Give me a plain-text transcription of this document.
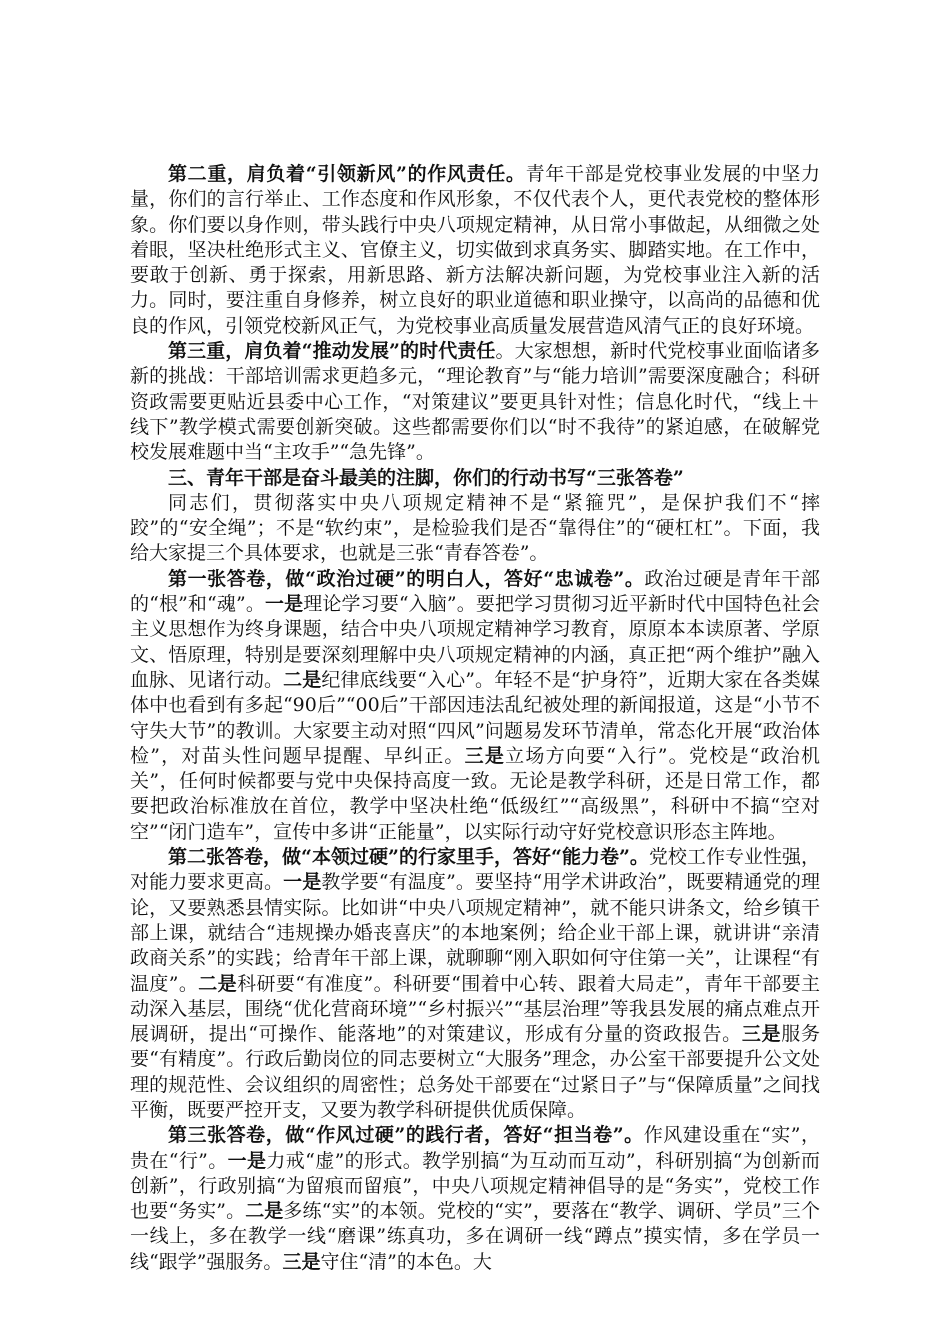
第二重，肩负着“引领新风”的作风责任。青年干部是党校事业发展的中坚力量，你们的言行举止、工作态度和作风形象，不仅代表个人，更代表党校的整体形象。你们要以身作则，带头践行中央八项规定精神，从日常小事做起，从细微之处着眼，坚决杜绝形式主义、官僚主义，切实做到求真务实、脚踏实地。在工作中，要敢于创新、勇于探索，用新思路、新方法解决新问题，为党校事业注入新的活力。同时，要注重自身修养，树立良好的职业道德和职业操守，以高尚的品德和优良的作风，引领党校新风正气，为党校事业高质量发展营造风清气正的良好环境。

第三重，肩负着“推动发展”的时代责任。大家想想，新时代党校事业面临诸多新的挑战：干部培训需求更趋多元，“理论教育”与“能力培训”需要深度融合；科研资政需要更贴近县委中心工作，“对策建议”要更具针对性；信息化时代，“线上＋线下”教学模式需要创新突破。这些都需要你们以“时不我待”的紧迫感，在破解党校发展难题中当“主攻手”“急先锋”。

三、青年干部是奋斗最美的注脚，你们的行动书写“三张答卷”

同志们，贯彻落实中央八项规定精神不是“紧箍咒”，是保护我们不“摔跤”的“安全绳”；不是“软约束”，是检验我们是否“靠得住”的“硬杠杠”。下面，我给大家提三个具体要求，也就是三张“青春答卷”。

第一张答卷，做“政治过硬”的明白人，答好“忠诚卷”。政治过硬是青年干部的“根”和“魂”。一是理论学习要“入脑”。要把学习贯彻习近平新时代中国特色社会主义思想作为终身课题，结合中央八项规定精神学习教育，原原本本读原著、学原文、悟原理，特别是要深刻理解中央八项规定精神的内涵，真正把“两个维护”融入血脉、见诸行动。二是纪律底线要“入心”。年轻不是“护身符”，近期大家在各类媒体中也看到有多起“90后”“00后”干部因违法乱纪被处理的新闻报道，这是“小节不守失大节”的教训。大家要主动对照“四风”问题易发环节清单，常态化开展“政治体检”，对苗头性问题早提醒、早纠正。三是立场方向要“入行”。党校是“政治机关”，任何时候都要与党中央保持高度一致。无论是教学科研，还是日常工作，都要把政治标准放在首位，教学中坚决杜绝“低级红”“高级黑”，科研中不搞“空对空”“闭门造车”，宣传中多讲“正能量”，以实际行动守好党校意识形态主阵地。

第二张答卷，做“本领过硬”的行家里手，答好“能力卷”。党校工作专业性强，对能力要求更高。一是教学要“有温度”。要坚持“用学术讲政治”，既要精通党的理论，又要熟悉县情实际。比如讲“中央八项规定精神”，就不能只讲条文，给乡镇干部上课，就结合“违规操办婚丧喜庆”的本地案例；给企业干部上课，就讲讲“亲清政商关系”的实践；给青年干部上课，就聊聊“刚入职如何守住第一关”，让课程“有温度”。二是科研要“有准度”。科研要“围着中心转、跟着大局走”，青年干部要主动深入基层，围绕“优化营商环境”“乡村振兴”“基层治理”等我县发展的痛点难点开展调研，提出“可操作、能落地”的对策建议，形成有分量的资政报告。三是服务要“有精度”。行政后勤岗位的同志要树立“大服务”理念，办公室干部要提升公文处理的规范性、会议组织的周密性；总务处干部要在“过紧日子”与“保障质量”之间找平衡，既要严控开支，又要为教学科研提供优质保障。

第三张答卷，做“作风过硬”的践行者，答好“担当卷”。作风建设重在“实”，贵在“行”。一是力戒“虚”的形式。教学别搞“为互动而互动”，科研别搞“为创新而创新”，行政别搞“为留痕而留痕”，中央八项规定精神倡导的是“务实”，党校工作也要“务实”。二是多练“实”的本领。党校的“实”，要落在“教学、调研、学员”三个一线上，多在教学一线“磨课”练真功，多在调研一线“蹲点”摸实情，多在学员一线“跟学”强服务。三是守住“清”的本色。大
